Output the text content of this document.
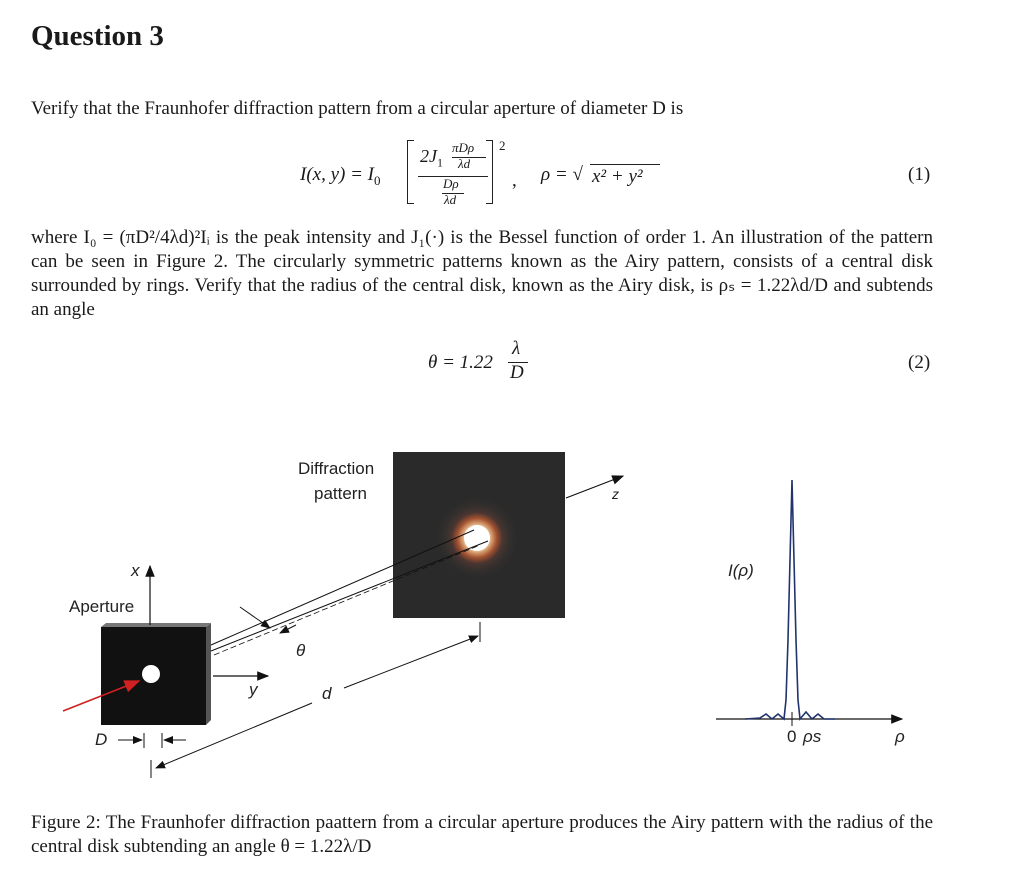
Question 3
Verify that the Fraunhofer diffraction pattern from a circular aperture of diameter D is
I(x, $y) = I_0$
$2J_1$
πDρ
λd
Dρ
λd
2
, ρ = √ x² + y²	(1)
where I₀ = (πD²/4λd)²Iᵢ is the peak intensity and J₁(·) is the Bessel function of order 1. An illustration of the pattern can be seen in Figure 2. The circularly symmetric patterns known as the Airy pattern, consists of a central disk surrounded by rings. Verify that the radius of the central disk, known as the Airy disk, is ρₛ = 1.22λd/D and subtends an angle
θ = 1.22
λ
D	(2)
Diffraction
pattern
Aperture
x
y
z
θ
d
D
I(ρ)
0 ρs	ρ
Figure 2: The Fraunhofer diffraction paattern from a circular aperture produces the Airy pattern with the radius of the central disk subtending an angle θ = 1.22λ/D
